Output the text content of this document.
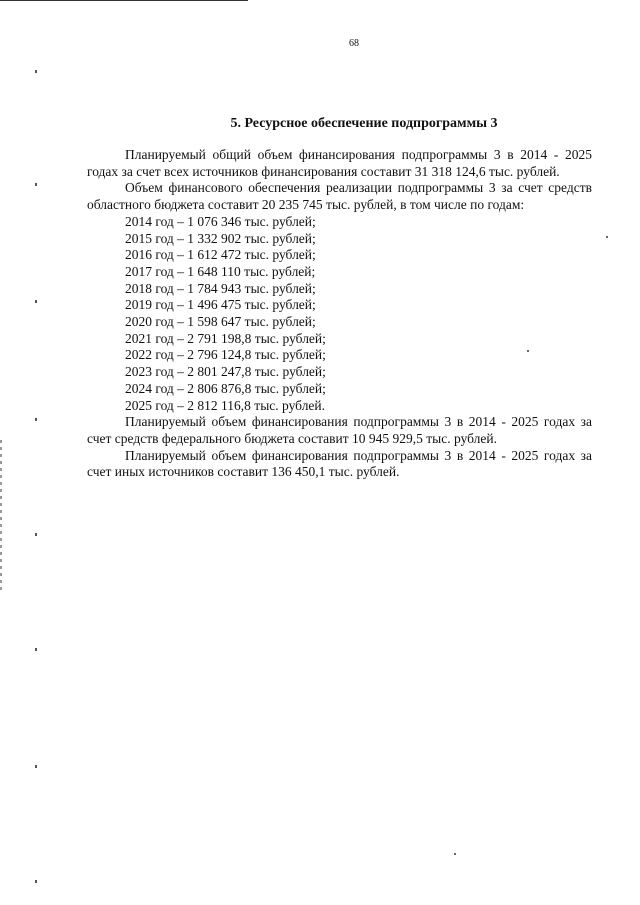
68
5. Ресурсное обеспечение подпрограммы 3

Планируемый общий объем финансирования подпрограммы 3 в 2014 - 2025 годах за счет всех источников финансирования составит 31 318 124,6 тыс. рублей.

Объем финансового обеспечения реализации подпрограммы 3 за счет средств областного бюджета составит 20 235 745 тыс. рублей, в том числе по годам:

2014 год – 1 076 346 тыс. рублей;
2015 год – 1 332 902 тыс. рублей;
2016 год – 1 612 472 тыс. рублей;
2017 год – 1 648 110 тыс. рублей;
2018 год – 1 784 943 тыс. рублей;
2019 год – 1 496 475 тыс. рублей;
2020 год – 1 598 647 тыс. рублей;
2021 год – 2 791 198,8 тыс. рублей;
2022 год – 2 796 124,8 тыс. рублей;
2023 год – 2 801 247,8 тыс. рублей;
2024 год – 2 806 876,8 тыс. рублей;
2025 год – 2 812 116,8 тыс. рублей.

Планируемый объем финансирования подпрограммы 3 в 2014 - 2025 годах за счет средств федерального бюджета составит 10 945 929,5 тыс. рублей.

Планируемый объем финансирования подпрограммы 3 в 2014 - 2025 годах за счет иных источников составит 136 450,1 тыс. рублей.
